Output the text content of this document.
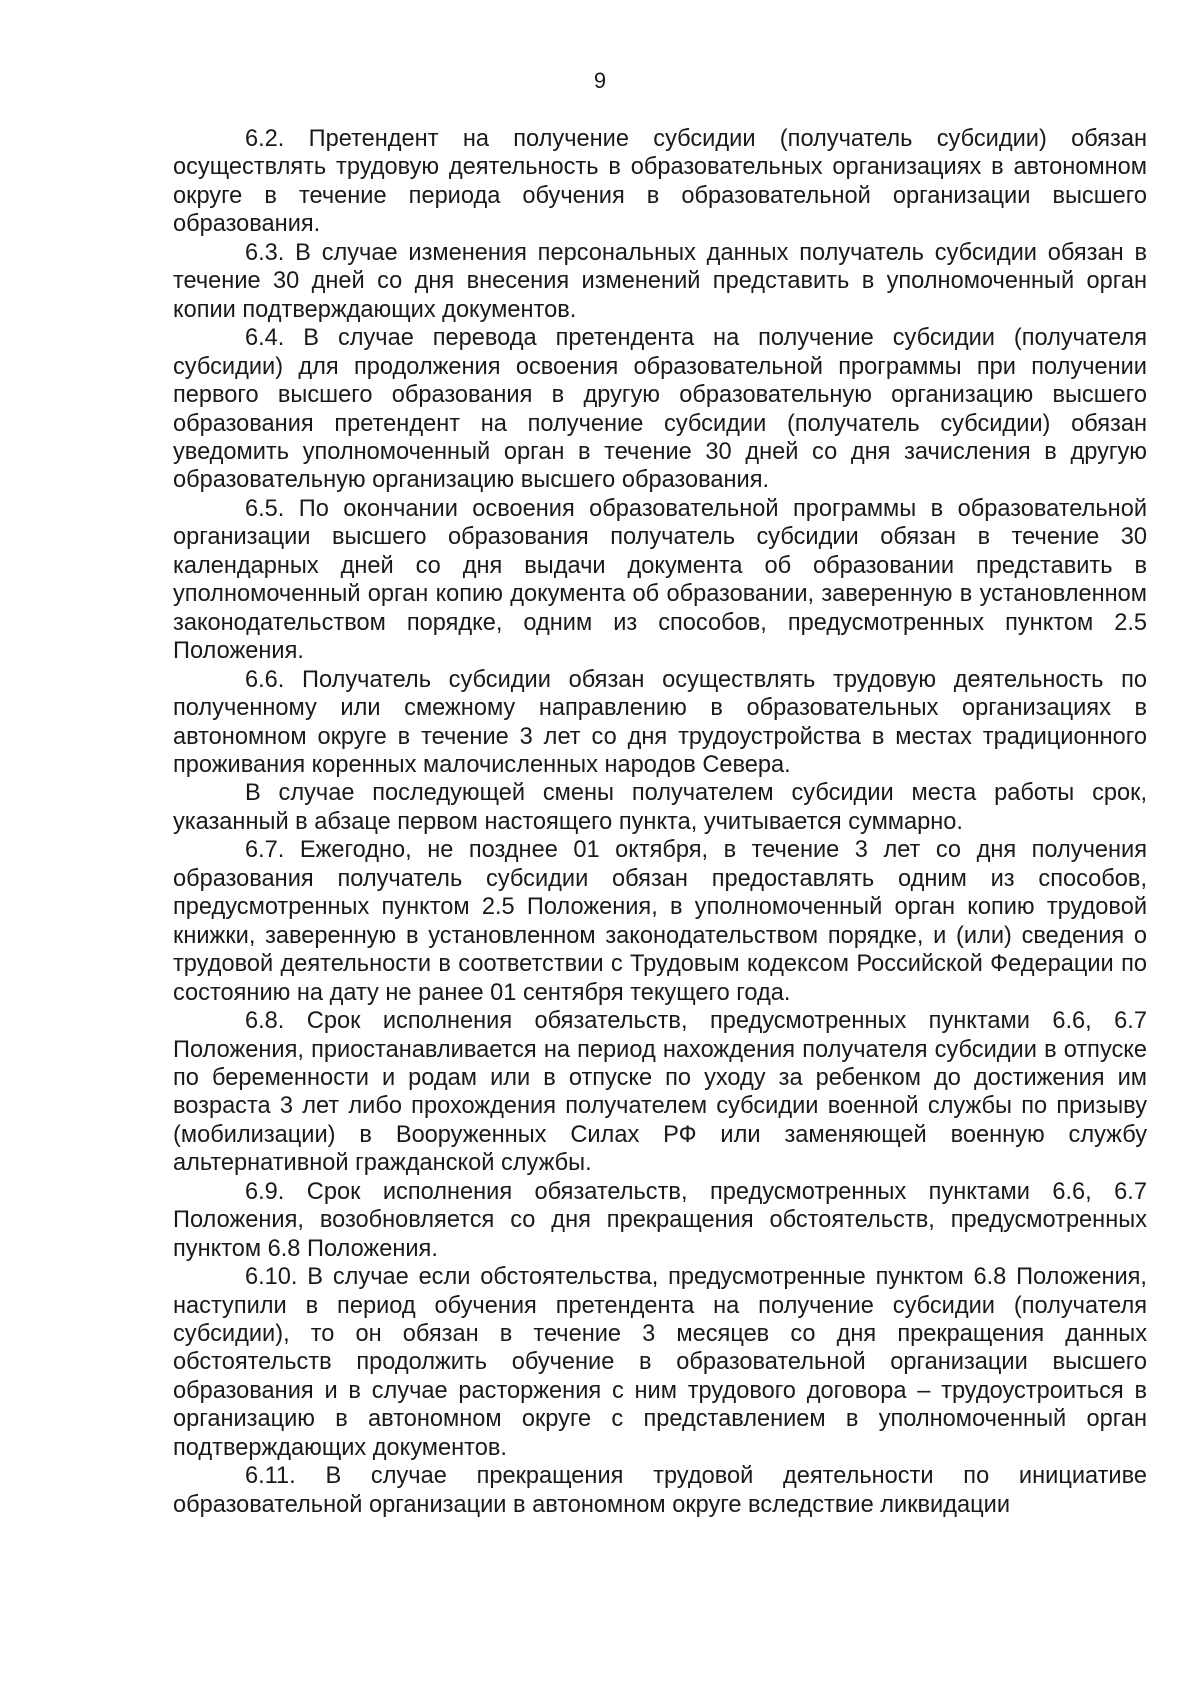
9

6.2. Претендент на получение субсидии (получатель субсидии) обязан осуществлять трудовую деятельность в образовательных организациях в автономном округе в течение периода обучения в образовательной организации высшего образования.

6.3. В случае изменения персональных данных получатель субсидии обязан в течение 30 дней со дня внесения изменений представить в уполномоченный орган копии подтверждающих документов.

6.4. В случае перевода претендента на получение субсидии (получателя субсидии) для продолжения освоения образовательной программы при получении первого высшего образования в другую образовательную организацию высшего образования претендент на получение субсидии (получатель субсидии) обязан уведомить уполномоченный орган в течение 30 дней со дня зачисления в другую образовательную организацию высшего образования.

6.5. По окончании освоения образовательной программы в образовательной организации высшего образования получатель субсидии обязан в течение 30 календарных дней со дня выдачи документа об образовании представить в уполномоченный орган копию документа об образовании, заверенную в установленном законодательством порядке, одним из способов, предусмотренных пунктом 2.5 Положения.

6.6. Получатель субсидии обязан осуществлять трудовую деятельность по полученному или смежному направлению в образовательных организациях в автономном округе в течение 3 лет со дня трудоустройства в местах традиционного проживания коренных малочисленных народов Севера.

В случае последующей смены получателем субсидии места работы срок, указанный в абзаце первом настоящего пункта, учитывается суммарно.

6.7. Ежегодно, не позднее 01 октября, в течение 3 лет со дня получения образования получатель субсидии обязан предоставлять одним из способов, предусмотренных пунктом 2.5 Положения, в уполномоченный орган копию трудовой книжки, заверенную в установленном законодательством порядке, и (или) сведения о трудовой деятельности в соответствии с Трудовым кодексом Российской Федерации по состоянию на дату не ранее 01 сентября текущего года.

6.8. Срок исполнения обязательств, предусмотренных пунктами 6.6, 6.7 Положения, приостанавливается на период нахождения получателя субсидии в отпуске по беременности и родам или в отпуске по уходу за ребенком до достижения им возраста 3 лет либо прохождения получателем субсидии военной службы по призыву (мобилизации) в Вооруженных Силах РФ или заменяющей военную службу альтернативной гражданской службы.

6.9. Срок исполнения обязательств, предусмотренных пунктами 6.6, 6.7 Положения, возобновляется со дня прекращения обстоятельств, предусмотренных пунктом 6.8 Положения.

6.10. В случае если обстоятельства, предусмотренные пунктом 6.8 Положения, наступили в период обучения претендента на получение субсидии (получателя субсидии), то он обязан в течение 3 месяцев со дня прекращения данных обстоятельств продолжить обучение в образовательной организации высшего образования и в случае расторжения с ним трудового договора – трудоустроиться в организацию в автономном округе с представлением в уполномоченный орган подтверждающих документов.

6.11. В случае прекращения трудовой деятельности по инициативе образовательной организации в автономном округе вследствие ликвидации
